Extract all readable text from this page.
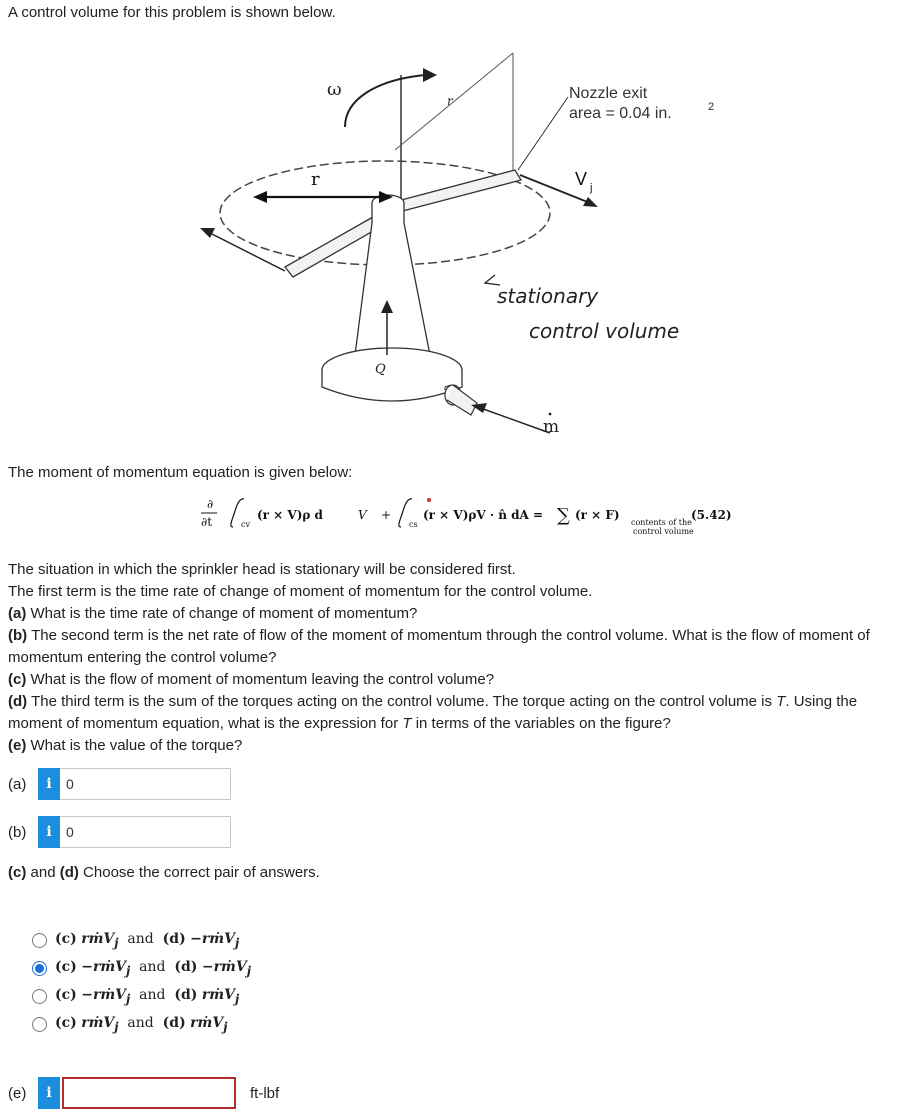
A control volume for this problem is shown below.
ω
r
Q
m
r
Nozzle exit
area = 0.04 in.	2
V j
stationary
control volume
The moment of momentum equation is given below:
∂
∂t	cv
(r × V)ρ d	V +
cs
(r × V)ρV · n̂ dA = ∑ (r × F)
contents of the
control volume
(5.42)

The situation in which the sprinkler head is stationary will be considered first.

The first term is the time rate of change of moment of momentum for the control volume.

(a) What is the time rate of change of moment of momentum?

(b) The second term is the net rate of flow of the moment of momentum through the control volume. What is the flow of moment of momentum entering the control volume?

(c) What is the flow of moment of momentum leaving the control volume?

(d) The third term is the sum of the torques acting on the control volume. The torque acting on the control volume is T. Using the moment of momentum equation, what is the expression for T in terms of the variables on the figure?

(e) What is the value of the torque?

(a)	i	0
(b)	i	0
(c) and (d) Choose the correct pair of answers.
(c) rṁV$_j$ and (d) −rṁV$_j$
(c) −rṁV$_j$ and (d) −rṁV$_j$
(c) −rṁV$_j$ and (d) rṁV$_j$
(c) rṁV$_j$ and (d) rṁV$_j$
(e)	i	ft-lbf
